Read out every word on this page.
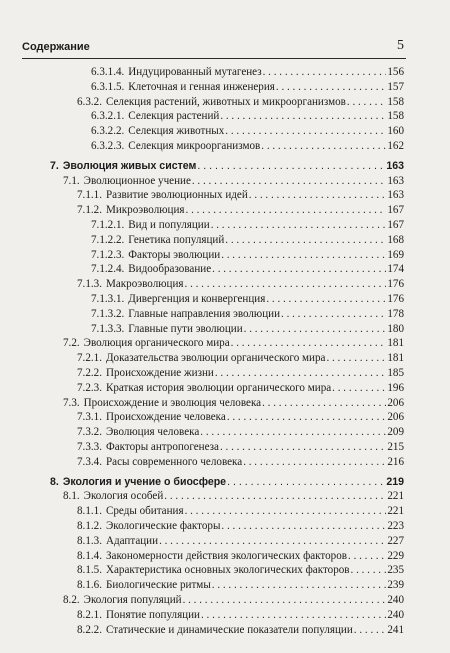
Содержание	5
6.3.1.4. Индуцированный мутагенез . . .	156
6.3.1.5. Клеточная и генная инженерия . . .	157
6.3.2. Селекция растений, животных и микроорганизмов . . .	158
6.3.2.1. Селекция растений . . .	158
6.3.2.2. Селекция животных . . .	160
6.3.2.3. Селекция микроорганизмов . . .	162
7. Эволюция живых систем . . .	163
7.1. Эволюционное учение . . .	163
7.1.1. Развитие эволюционных идей . . .	163
7.1.2. Микроэволюция . . .	167
7.1.2.1. Вид и популяции . . .	167
7.1.2.2. Генетика популяций . . .	168
7.1.2.3. Факторы эволюции . . .	169
7.1.2.4. Видообразование . . .	174
7.1.3. Макроэволюция . . .	176
7.1.3.1. Дивергенция и конвергенция . . .	176
7.1.3.2. Главные направления эволюции . . .	178
7.1.3.3. Главные пути эволюции . . .	180
7.2. Эволюция органического мира . . .	181
7.2.1. Доказательства эволюции органического мира . . .	181
7.2.2. Происхождение жизни . . .	185
7.2.3. Краткая история эволюции органического мира . . .	196
7.3. Происхождение и эволюция человека . . .	206
7.3.1. Происхождение человека . . .	206
7.3.2. Эволюция человека . . .	209
7.3.3. Факторы антропогенеза . . .	215
7.3.4. Расы современного человека . . .	216
8. Экология и учение о биосфере . . .	219
8.1. Экология особей . . .	221
8.1.1. Среды обитания . . .	221
8.1.2. Экологические факторы . . .	223
8.1.3. Адаптации . . .	227
8.1.4. Закономерности действия экологических факторов . . .	229
8.1.5. Характеристика основных экологических факторов . . .	235
8.1.6. Биологические ритмы . . .	239
8.2. Экология популяций . . .	240
8.2.1. Понятие популяции . . .	240
8.2.2. Статические и динамические показатели популяции . . .	241
